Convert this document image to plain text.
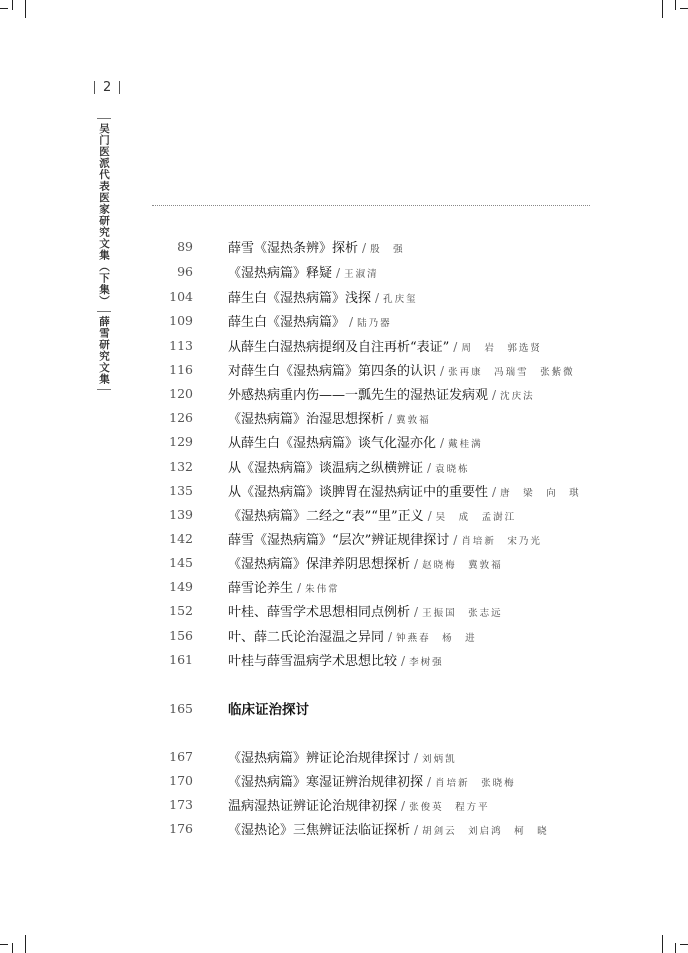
2
吴门医派代表医家研究文集（下集）
薛雪研究文集
89	薛雪《湿热条辨》探析 / 殷　强
96	《湿热病篇》释疑 / 王淑清
104	薛生白《湿热病篇》浅探 / 孔庆玺
109	薛生白《湿热病篇》 / 陆乃器
113	从薛生白湿热病提纲及自注再析“表证” / 周　岩　郭选贤
116	对薛生白《湿热病篇》第四条的认识 / 张再康　冯瑞雪　张紫微
120	外感热病重内伤——一瓢先生的湿热证发病观 / 沈庆法
126	《湿热病篇》治湿思想探析 / 冀敦福
129	从薛生白《湿热病篇》谈气化湿亦化 / 戴桂满
132	从《湿热病篇》谈温病之纵横辨证 / 袁晓栋
135	从《湿热病篇》谈脾胃在湿热病证中的重要性 / 唐　梁　向　琪
139	《湿热病篇》二经之“表”“里”正义 / 吴　成　孟澍江
142	薛雪《湿热病篇》“层次”辨证规律探讨 / 肖培新　宋乃光
145	《湿热病篇》保津养阴思想探析 / 赵晓梅　冀敦福
149	薛雪论养生 / 朱伟常
152	叶桂、薛雪学术思想相同点例析 / 王振国　张志远
156	叶、薛二氏论治湿温之异同 / 钟燕春　杨　进
161	叶桂与薛雪温病学术思想比较 / 李树强
165	临床证治探讨
167	《湿热病篇》辨证论治规律探讨 / 刘炳凯
170	《湿热病篇》寒湿证辨治规律初探 / 肖培新　张晓梅
173	温病湿热证辨证论治规律初探 / 张俊英　程方平
176	《湿热论》三焦辨证法临证探析 / 胡剑云　刘启鸿　柯　晓
